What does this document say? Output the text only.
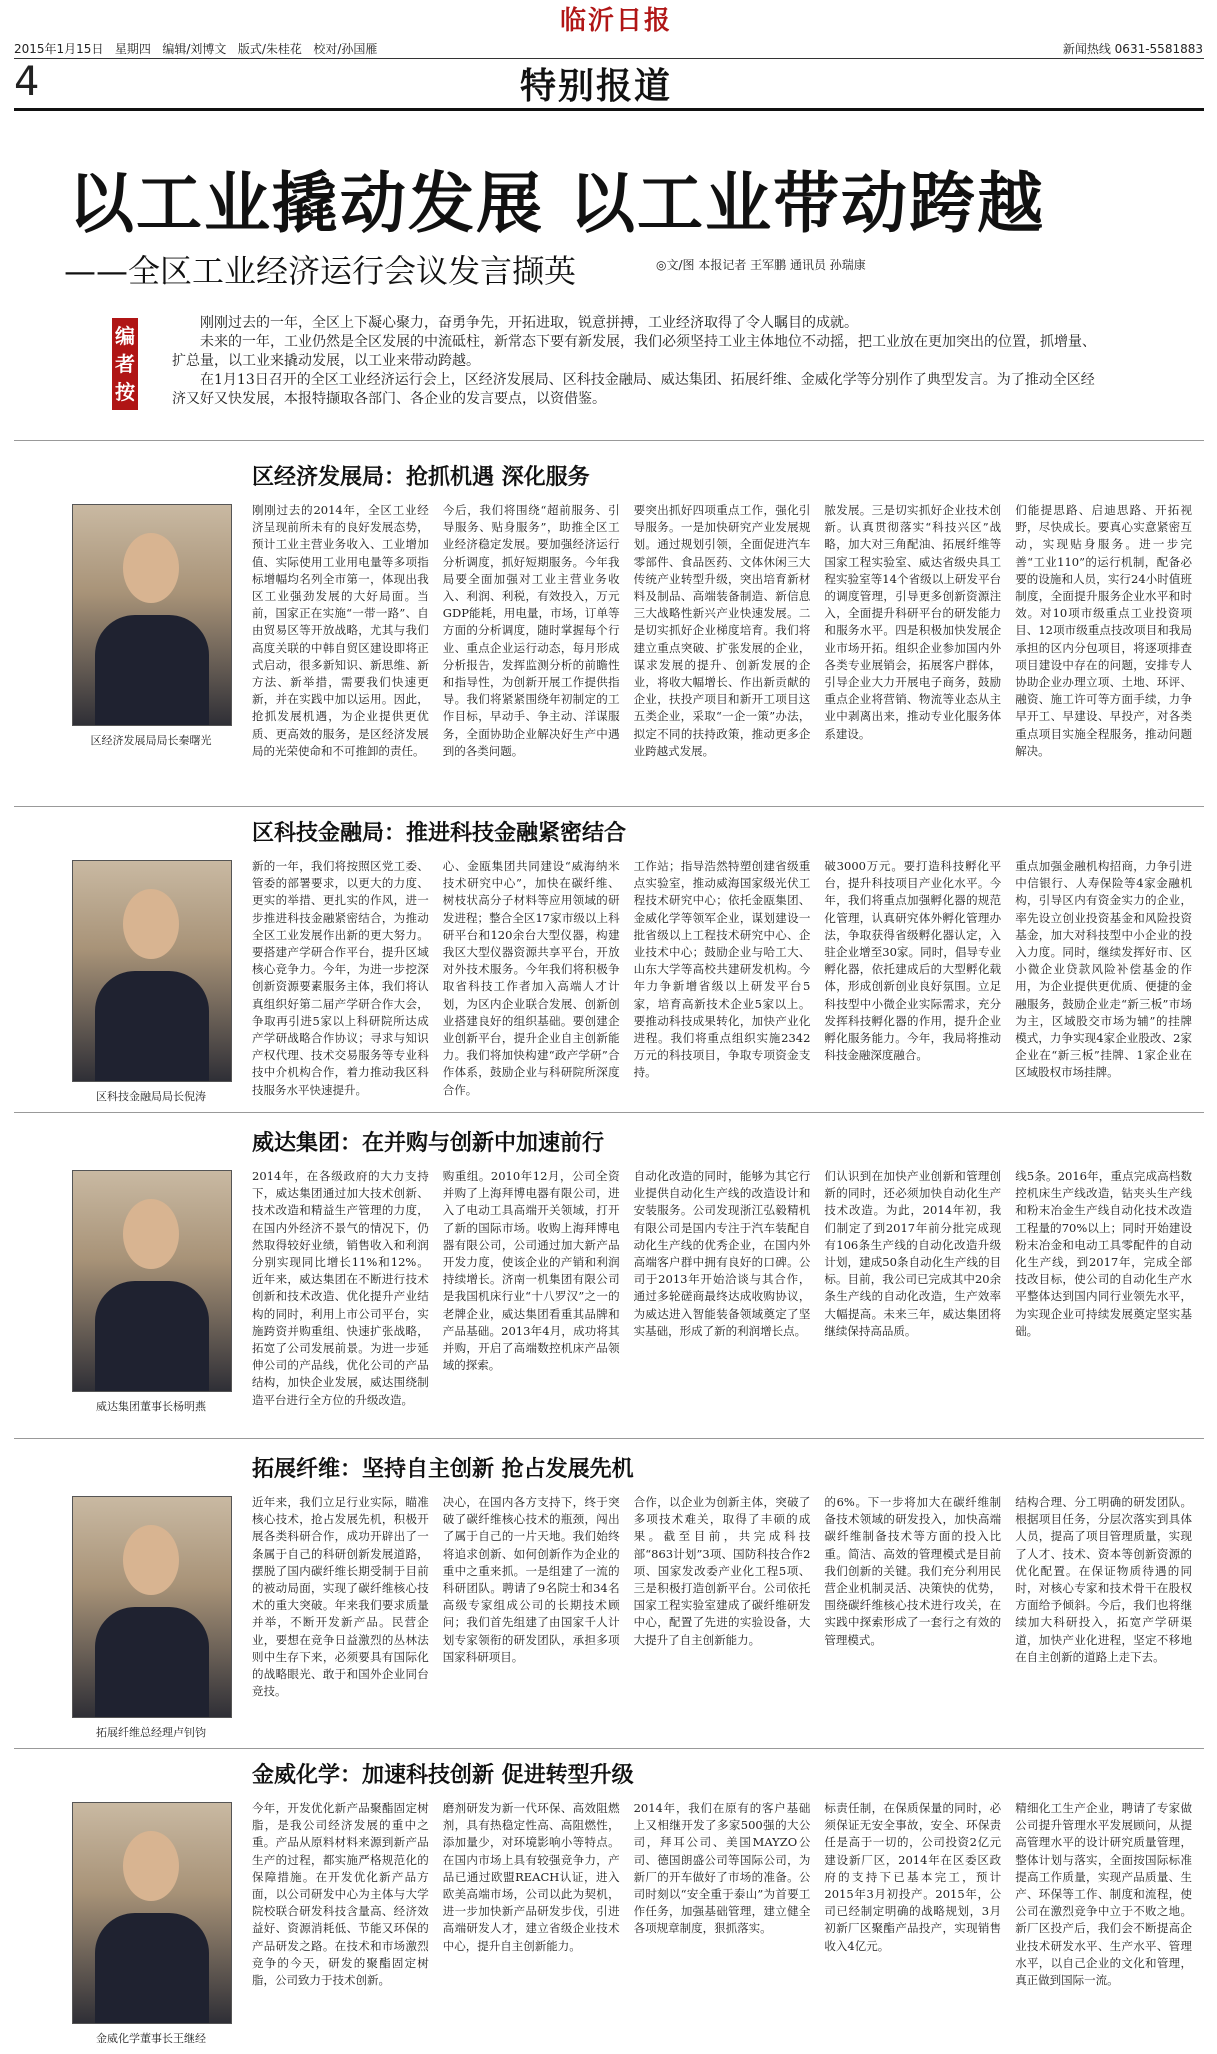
临沂日报
2015年1月15日 星期四 编辑/刘博文 版式/朱桂花 校对/孙国雁	新闻热线 0631-5581883
4	特别报道
以工业撬动发展 以工业带动跨越
——全区工业经济运行会议发言撷英	◎文/图 本报记者 王军鹏 通讯员 孙瑞康
编者按

刚刚过去的一年，全区上下凝心聚力，奋勇争先，开拓进取，锐意拼搏，工业经济取得了令人瞩目的成就。

未来的一年，工业仍然是全区发展的中流砥柱，新常态下要有新发展，我们必须坚持工业主体地位不动摇，把工业放在更加突出的位置，抓增量、扩总量，以工业来撬动发展，以工业来带动跨越。

在1月13日召开的全区工业经济运行会上，区经济发展局、区科技金融局、威达集团、拓展纤维、金威化学等分别作了典型发言。为了推动全区经济又好又快发展，本报特撷取各部门、各企业的发言要点，以资借鉴。

区经济发展局：抢抓机遇 深化服务
区经济发展局局长秦曙光
刚刚过去的2014年，全区工业经济呈现前所未有的良好发展态势，预计工业主营业务收入、工业增加值、实际使用工业用电量等多项指标增幅均名列全市第一，体现出我区工业强劲发展的大好局面。当前，国家正在实施“一带一路”、自由贸易区等开放战略，尤其与我们高度关联的中韩自贸区建设即将正式启动，很多新知识、新思维、新方法、新举措，需要我们快速更新，并在实践中加以运用。因此，抢抓发展机遇，为企业提供更优质、更高效的服务，是区经济发展局的光荣使命和不可推卸的责任。
今后，我们将围绕“超前服务、引导服务、贴身服务”，助推全区工业经济稳定发展。要加强经济运行分析调度，抓好短期服务。今年我局要全面加强对工业主营业务收入、利润、利税，有效投入，万元GDP能耗，用电量，市场，订单等方面的分析调度，随时掌握每个行业、重点企业运行动态，每月形成分析报告，发挥监测分析的前瞻性和指导性，为创新开展工作提供指导。我们将紧紧围绕年初制定的工作目标，早动手、争主动、洋谋服务，全面协助企业解决好生产中遇到的各类问题。
要突出抓好四项重点工作，强化引导服务。一是加快研究产业发展规划。通过规划引领，全面促进汽车零部件、食品医药、文体休闲三大传统产业转型升级，突出培育新材料及制品、高端装备制造、新信息三大战略性新兴产业快速发展。二是切实抓好企业梯度培育。我们将建立重点突破、扩张发展的企业，谋求发展的提升、创新发展的企业，将收大幅增长、作出新贡献的企业，扶投产项目和新开工项目这五类企业，采取“一企一策”办法，拟定不同的扶持政策，推动更多企业跨越式发展。
脓发展。三是切实抓好企业技术创新。认真贯彻落实“科技兴区”战略，加大对三角配油、拓展纤维等国家工程实验室、威达省级央具工程实验室等14个省级以上研发平台的调度管理，引导更多创新资源注入，全面提升科研平台的研发能力和服务水平。四是积极加快发展企业市场开拓。组织企业参加国内外各类专业展销会，拓展客户群体，引导企业大力开展电子商务，鼓励重点企业将营销、物流等业态从主业中剥离出来，推动专业化服务体系建设。
们能提思路、启迪思路、开拓视野，尽快成长。要真心实意紧密互动，实现贴身服务。进一步完善“工业110”的运行机制，配备必要的设施和人员，实行24小时值班制度，全面提升服务企业水平和时效。对10项市级重点工业投资项目、12项市级重点技改项目和我局承担的区内分包项目，将逐项排查项目建设中存在的问题，安排专人协助企业办理立项、土地、环评、融资、施工许可等方面手续，力争早开工、早建设、早投产，对各类重点项目实施全程服务，推动问题解决。
区科技金融局：推进科技金融紧密结合
区科技金融局局长倪涛
新的一年，我们将按照区党工委、管委的部署要求，以更大的力度、更实的举措、更扎实的作风，进一步推进科技金融紧密结合，为推动全区工业发展作出新的更大努力。要搭建产学研合作平台，提升区域核心竞争力。今年，为进一步挖深创新资源要素服务主体，我们将认真组织好第二届产学研合作大会，争取再引进5家以上科研院所达成产学研战略合作协议；寻求与知识产权代理、技术交易服务等专业科技中介机构合作，着力推动我区科技服务水平快速提升。
心、金瓯集团共同建设“威海纳米技术研究中心”，加快在碳纤维、树枝状高分子材料等应用领域的研发进程；整合全区17家市级以上科研平台和120余台大型仪器，构建我区大型仪器资源共享平台，开放对外技术服务。今年我们将积极争取省科技工作者加入高端人才计划，为区内企业联合发展、创新创业搭建良好的组织基础。要创建企业创新平台，提升企业自主创新能力。我们将加快构建“政产学研”合作体系，鼓励企业与科研院所深度合作。
工作站；指导浩然特塑创建省级重点实验室，推动威海国家级光伏工程技术研究中心；依托金瓯集团、金威化学等领军企业，谋划建设一批省级以上工程技术研究中心、企业技术中心；鼓励企业与哈工大、山东大学等高校共建研发机构。今年力争新增省级以上研发平台5家，培育高新技术企业5家以上。要推动科技成果转化，加快产业化进程。我们将重点组织实施2342万元的科技项目，争取专项资金支持。
破3000万元。要打造科技孵化平台，提升科技项目产业化水平。今年，我们将重点加强孵化器的规范化管理，认真研究体外孵化管理办法，争取获得省级孵化器认定，入驻企业增至30家。同时，倡导专业孵化器，依托建成后的大型孵化载体，形成创新创业良好氛围。立足科技型中小微企业实际需求，充分发挥科技孵化器的作用，提升企业孵化服务能力。今年，我局将推动科技金融深度融合。
重点加强金融机构招商，力争引进中信银行、人寿保险等4家金融机构，引导区内有资金实力的企业，率先设立创业投资基金和风险投资基金，加大对科技型中小企业的投入力度。同时，继续发挥好市、区小微企业贷款风险补偿基金的作用，为企业提供更优质、便捷的金融服务，鼓励企业走“新三板”市场为主，区域股交市场为辅”的挂牌模式，力争实现4家企业股改、2家企业在“新三板”挂牌、1家企业在区域股权市场挂牌。
威达集团：在并购与创新中加速前行
威达集团董事长杨明燕
2014年，在各级政府的大力支持下，威达集团通过加大技术创新、技术改造和精益生产管理的力度，在国内外经济不景气的情况下，仍然取得较好业绩，销售收入和利润分别实现同比增长11%和12%。近年来，威达集团在不断进行技术创新和技术改造、优化提升产业结构的同时，利用上市公司平台，实施跨资并购重组、快速扩张战略，拓宽了公司发展前景。为进一步延伸公司的产品线，优化公司的产品结构，加快企业发展，威达围绕制造平台进行全方位的升级改造。
购重组。2010年12月，公司全资并购了上海拜博电器有限公司，进入了电动工具高端开关领域，打开了新的国际市场。收购上海拜博电器有限公司，公司通过加大新产品开发力度，使该企业的产销和利润持续增长。济南一机集团有限公司是我国机床行业“十八罗汉”之一的老牌企业，威达集团看重其品牌和产品基础。2013年4月，成功将其并购，开启了高端数控机床产品领域的探索。
自动化改造的同时，能够为其它行业提供自动化生产线的改造设计和安装服务。公司发现浙江弘毅精机有限公司是国内专注于汽车装配自动化生产线的优秀企业，在国内外高端客户群中拥有良好的口碑。公司于2013年开始洽谈与其合作，通过多轮磋商最终达成收购协议，为威达进入智能装备领域奠定了坚实基础，形成了新的利润增长点。
们认识到在加快产业创新和管理创新的同时，还必须加快自动化生产技术改造。为此，2014年初，我们制定了到2017年前分批完成现有106条生产线的自动化改造升级计划，建成50条自动化生产线的目标。目前，我公司已完成其中20余条生产线的自动化改造，生产效率大幅提高。未来三年，威达集团将继续保持高品质。
线5条。2016年，重点完成高档数控机床生产线改造，钻夹头生产线和粉末冶金生产线自动化技术改造工程量的70%以上；同时开始建设粉末冶金和电动工具零配件的自动化生产线，到2017年，完成全部技改目标，使公司的自动化生产水平整体达到国内同行业领先水平，为实现企业可持续发展奠定坚实基础。
拓展纤维：坚持自主创新 抢占发展先机
拓展纤维总经理卢钊钧
近年来，我们立足行业实际，瞄准核心技术，抢占发展先机，积极开展各类科研合作，成功开辟出了一条属于自己的科研创新发展道路，摆脱了国内碳纤维长期受制于目前的被动局面，实现了碳纤维核心技术的重大突破。年来我们要求质量并举，不断开发新产品。民营企业，要想在竞争日益激烈的丛林法则中生存下来，必须要具有国际化的战略眼光、敢于和国外企业同台竞技。
决心，在国内各方支持下，终于突破了碳纤维核心技术的瓶颈，闯出了属于自己的一片天地。我们始终将追求创新、如何创新作为企业的重中之重来抓。一是组建了一流的科研团队。聘请了9名院士和34名高级专家组成公司的长期技术顾问；我们首先组建了由国家千人计划专家领衔的研发团队，承担多项国家科研项目。
合作，以企业为创新主体，突破了多项技术难关，取得了丰硕的成果。截至目前，共完成科技部“863计划”3项、国防科技合作2项、国家发改委产业化工程5项、三是积极打造创新平台。公司依托国家工程实验室建成了碳纤维研发中心，配置了先进的实验设备，大大提升了自主创新能力。
的6%。下一步将加大在碳纤维制备技术领域的研发投入，加快高端碳纤维制备技术等方面的投入比重。简洁、高效的管理模式是目前我们创新的关键。我们充分利用民营企业机制灵活、决策快的优势，围绕碳纤维核心技术进行攻关，在实践中探索形成了一套行之有效的管理模式。
结构合理、分工明确的研发团队。根据项目任务，分层次落实到具体人员，提高了项目管理质量，实现了人才、技术、资本等创新资源的优化配置。在保证物质待遇的同时，对核心专家和技术骨干在股权方面给予倾斜。今后，我们也将继续加大科研投入，拓宽产学研渠道，加快产业化进程，坚定不移地在自主创新的道路上走下去。
金威化学：加速科技创新 促进转型升级
金威化学董事长王继经
今年，开发优化新产品聚酯固定树脂，是我公司经济发展的重中之重。产品从原料材料来源到新产品生产的过程，都实施严格规范化的保障措施。在开发优化新产品方面，以公司研发中心为主体与大学院校联合研发科技含量高、经济效益好、资源消耗低、节能又环保的产品研发之路。在技术和市场激烈竞争的今天，研发的聚酯固定树脂，公司致力于技术创新。
磨剂研发为新一代环保、高效阻燃剂，具有热稳定性高、高阻燃性，添加量少，对环境影响小等特点。在国内市场上具有较强竞争力，产品已通过欧盟REACH认证，进入欧美高端市场，公司以此为契机，进一步加快新产品研发步伐，引进高端研发人才，建立省级企业技术中心，提升自主创新能力。
2014年，我们在原有的客户基础上又相继开发了多家500强的大公司，拜耳公司、美国MAYZO公司、德国朗盛公司等国际公司，为新厂的开车做好了市场的准备。公司时刻以“安全重于泰山”为首要工作任务，加强基础管理，建立健全各项规章制度，狠抓落实。
标责任制，在保质保量的同时，必须保证无安全事故，安全、环保责任是高于一切的，公司投资2亿元建设新厂区，2014年在区委区政府的支持下已基本完工，预计2015年3月初投产。2015年，公司已经制定明确的战略规划，3月初新厂区聚酯产品投产，实现销售收入4亿元。
精细化工生产企业，聘请了专家做公司提升管理水平发展顾问，从提高管理水平的设计研究质量管理，整体计划与落实，全面按国际标准提高工作质量，实现产品质量、生产、环保等工作、制度和流程，使公司在激烈竞争中立于不败之地。新厂区投产后，我们会不断提高企业技术研发水平、生产水平、管理水平，以自己企业的文化和管理，真正做到国际一流。
